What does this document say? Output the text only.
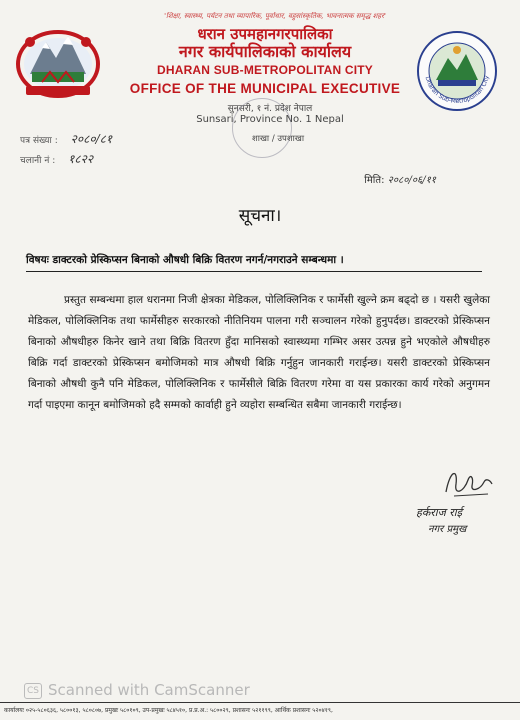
'शिक्षा, स्वास्थ्य, पर्यटन तथा व्यापारिक, पूर्वाधार, वहुसांस्कृतिक, भावनात्मक समृद्ध शहर'
धरान उपमहानगरपालिका
नगर कार्यपालिकाको कार्यालय
DHARAN SUB-METROPOLITAN CITY
OFFICE OF THE MUNICIPAL EXECUTIVE
सुनसरी, १ नं. प्रदेश नेपाल
Sunsari, Province No. 1 Nepal
Dharan Sub-Metropolitan City
शाखा / उपशाखा
पत्र संख्या : २०८०/८१
चलानी नं : १८२२
मिति: २०८०/०६/११
सूचना।
विषयः डाक्टरको प्रेस्किप्सन बिनाको औषधी बिक्रि वितरण नगर्न/नगराउने सम्बन्धमा ।

प्रस्तुत सम्बन्धमा हाल धरानमा निजी क्षेत्रका मेडिकल, पोलिक्लिनिक र फार्मेसी खुल्ने क्रम बढ्दो छ । यसरी खुलेका मेडिकल, पोलिक्लिनिक तथा फार्मेसीहरु सरकारको नीतिनियम पालना गरी सञ्चालन गरेको हुनुपर्दछ। डाक्टरको प्रेस्किप्सन बिनाको औषधीहरु किनेर खाने तथा बिक्रि वितरण हुँदा मानिसको स्वास्थ्यमा गम्भिर असर उत्पन्न हुने भएकोले औषधीहरु बिक्रि गर्दा डाक्टरको प्रेस्किप्सन बमोजिमको मात्र औषधी बिक्रि गर्नुहुन जानकारी गराईन्छ। यसरी डाक्टरको प्रेस्किप्सन बिनाको औषधी कुनै पनि मेडिकल, पोलिक्लिनिक र फार्मेसीले बिक्रि वितरण गरेमा वा यस प्रकारका कार्य गरेको अनुगमन गर्दा पाइएमा कानून बमोजिमको हदै सम्मको कार्वाही हुने व्यहोरा सम्बन्धित सबैमा जानकारी गराईन्छ।

हर्कराज राई
नगर प्रमुख
CS Scanned with CamScanner
कार्यालयः ०२५-५८०६३६, ५८००१३, ५८०८०७, प्रमुखः ५८०१०९, उप-प्रमुखः ५८४५१०, प्र.प्र.अ.: ५८००२९, प्रशासनः ५२११९९, आर्थिक प्रशासनः ५२०४१९,
